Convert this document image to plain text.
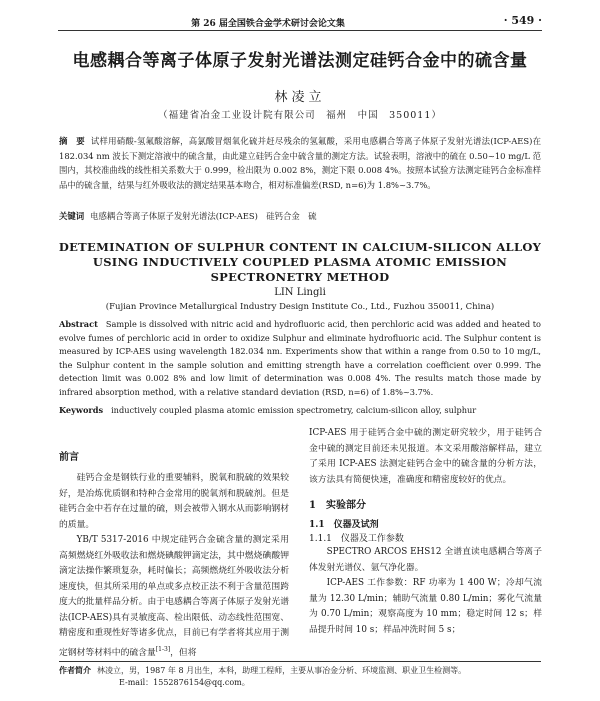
第 26 届全国铁合金学术研讨会论文集	· 549 ·
电感耦合等离子体原子发射光谱法测定硅钙合金中的硫含量
林凌立
（福建省冶金工业设计院有限公司　福州　中国　350011）
摘　要 试样用硝酸-氢氟酸溶解，高氯酸冒烟氧化硫并赶尽残余的氢氟酸，采用电感耦合等离子体原子发射光谱法(ICP-AES)在 182.034 nm 波长下测定溶液中的硫含量，由此建立硅钙合金中硫含量的测定方法。试验表明，溶液中的硫在 0.50~10 mg/L 范围内，其校准曲线的线性相关系数大于 0.999，检出限为 0.002 8%，测定下限 0.008 4%。按照本试验方法测定硅钙合金标准样品中的硫含量，结果与红外吸收法的测定结果基本吻合，相对标准偏差(RSD, n=6)为 1.8%~3.7%。
关键词 电感耦合等离子体原子发射光谱法(ICP-AES)　硅钙合金　硫
DETEMINATION OF SULPHUR CONTENT IN CALCIUM-SILICON ALLOY
USING INDUCTIVELY COUPLED PLASMA ATOMIC EMISSION
SPECTRONETRY METHOD
LIN Lingli
(Fujian Province Metallurgical Industry Design Institute Co., Ltd., Fuzhou 350011, China)
Abstract Sample is dissolved with nitric acid and hydrofluoric acid, then perchloric acid was added and heated to evolve fumes of perchloric acid in order to oxidize Sulphur and eliminate hydrofluoric acid. The Sulphur content is measured by ICP-AES using wavelength 182.034 nm. Experiments show that within a range from 0.50 to 10 mg/L, the Sulphur content in the sample solution and emitting strength have a correlation coefficient over 0.999. The detection limit was 0.002 8% and low limit of determination was 0.008 4%. The results match those made by infrared absorption method, with a relative standard deviation (RSD, n=6) of 1.8%~3.7%.
Keywords inductively coupled plasma atomic emission spectrometry, calcium-silicon alloy, sulphur
前言

硅钙合金是钢铁行业的重要辅料，脱氧和脱硫的效果较好，是冶炼优质钢和特种合金常用的脱氧剂和脱硫剂。但是硅钙合金中若存在过量的硫，则会被带入钢水从而影响钢材的质量。

YB/T 5317-2016 中规定硅钙合金硫含量的测定采用高频燃烧红外吸收法和燃烧碘酸钾滴定法，其中燃烧碘酸钾滴定法操作繁琐复杂，耗时偏长；高频燃烧红外吸收法分析速度快，但其所采用的单点或多点校正法不利于含量范围跨度大的批量样品分析。由于电感耦合等离子体原子发射光谱法(ICP-AES)具有灵敏度高、检出限低、动态线性范围宽、精密度和重现性好等诸多优点，目前已有学者将其应用于测定钢材等材料中的硫含量[1-3]，但将

ICP-AES 用于硅钙合金中硫的测定研究较少，用于硅钙合金中硫的测定目前还未见报道。本文采用酸溶解样品，建立了采用 ICP-AES 法测定硅钙合金中的硫含量的分析方法，该方法具有简便快速，准确度和精密度较好的优点。

1　实验部分
1.1　仪器及试剂
1.1.1　仪器及工作参数

SPECTRO ARCOS EHS12 全谱直读电感耦合等离子体发射光谱仪、氩气净化器。

ICP-AES 工作参数：RF 功率为 1 400 W；冷却气流量为 12.30 L/min；辅助气流量 0.80 L/min；雾化气流量为 0.70 L/min；观察高度为 10 mm；稳定时间 12 s；样品提升时间 10 s；样品冲洗时间 5 s；

作者简介 林凌立，男，1987 年 8 月出生，本科，助理工程师，主要从事冶金分析、环境监测、职业卫生检测等。
E-mail：1552876154@qq.com。
